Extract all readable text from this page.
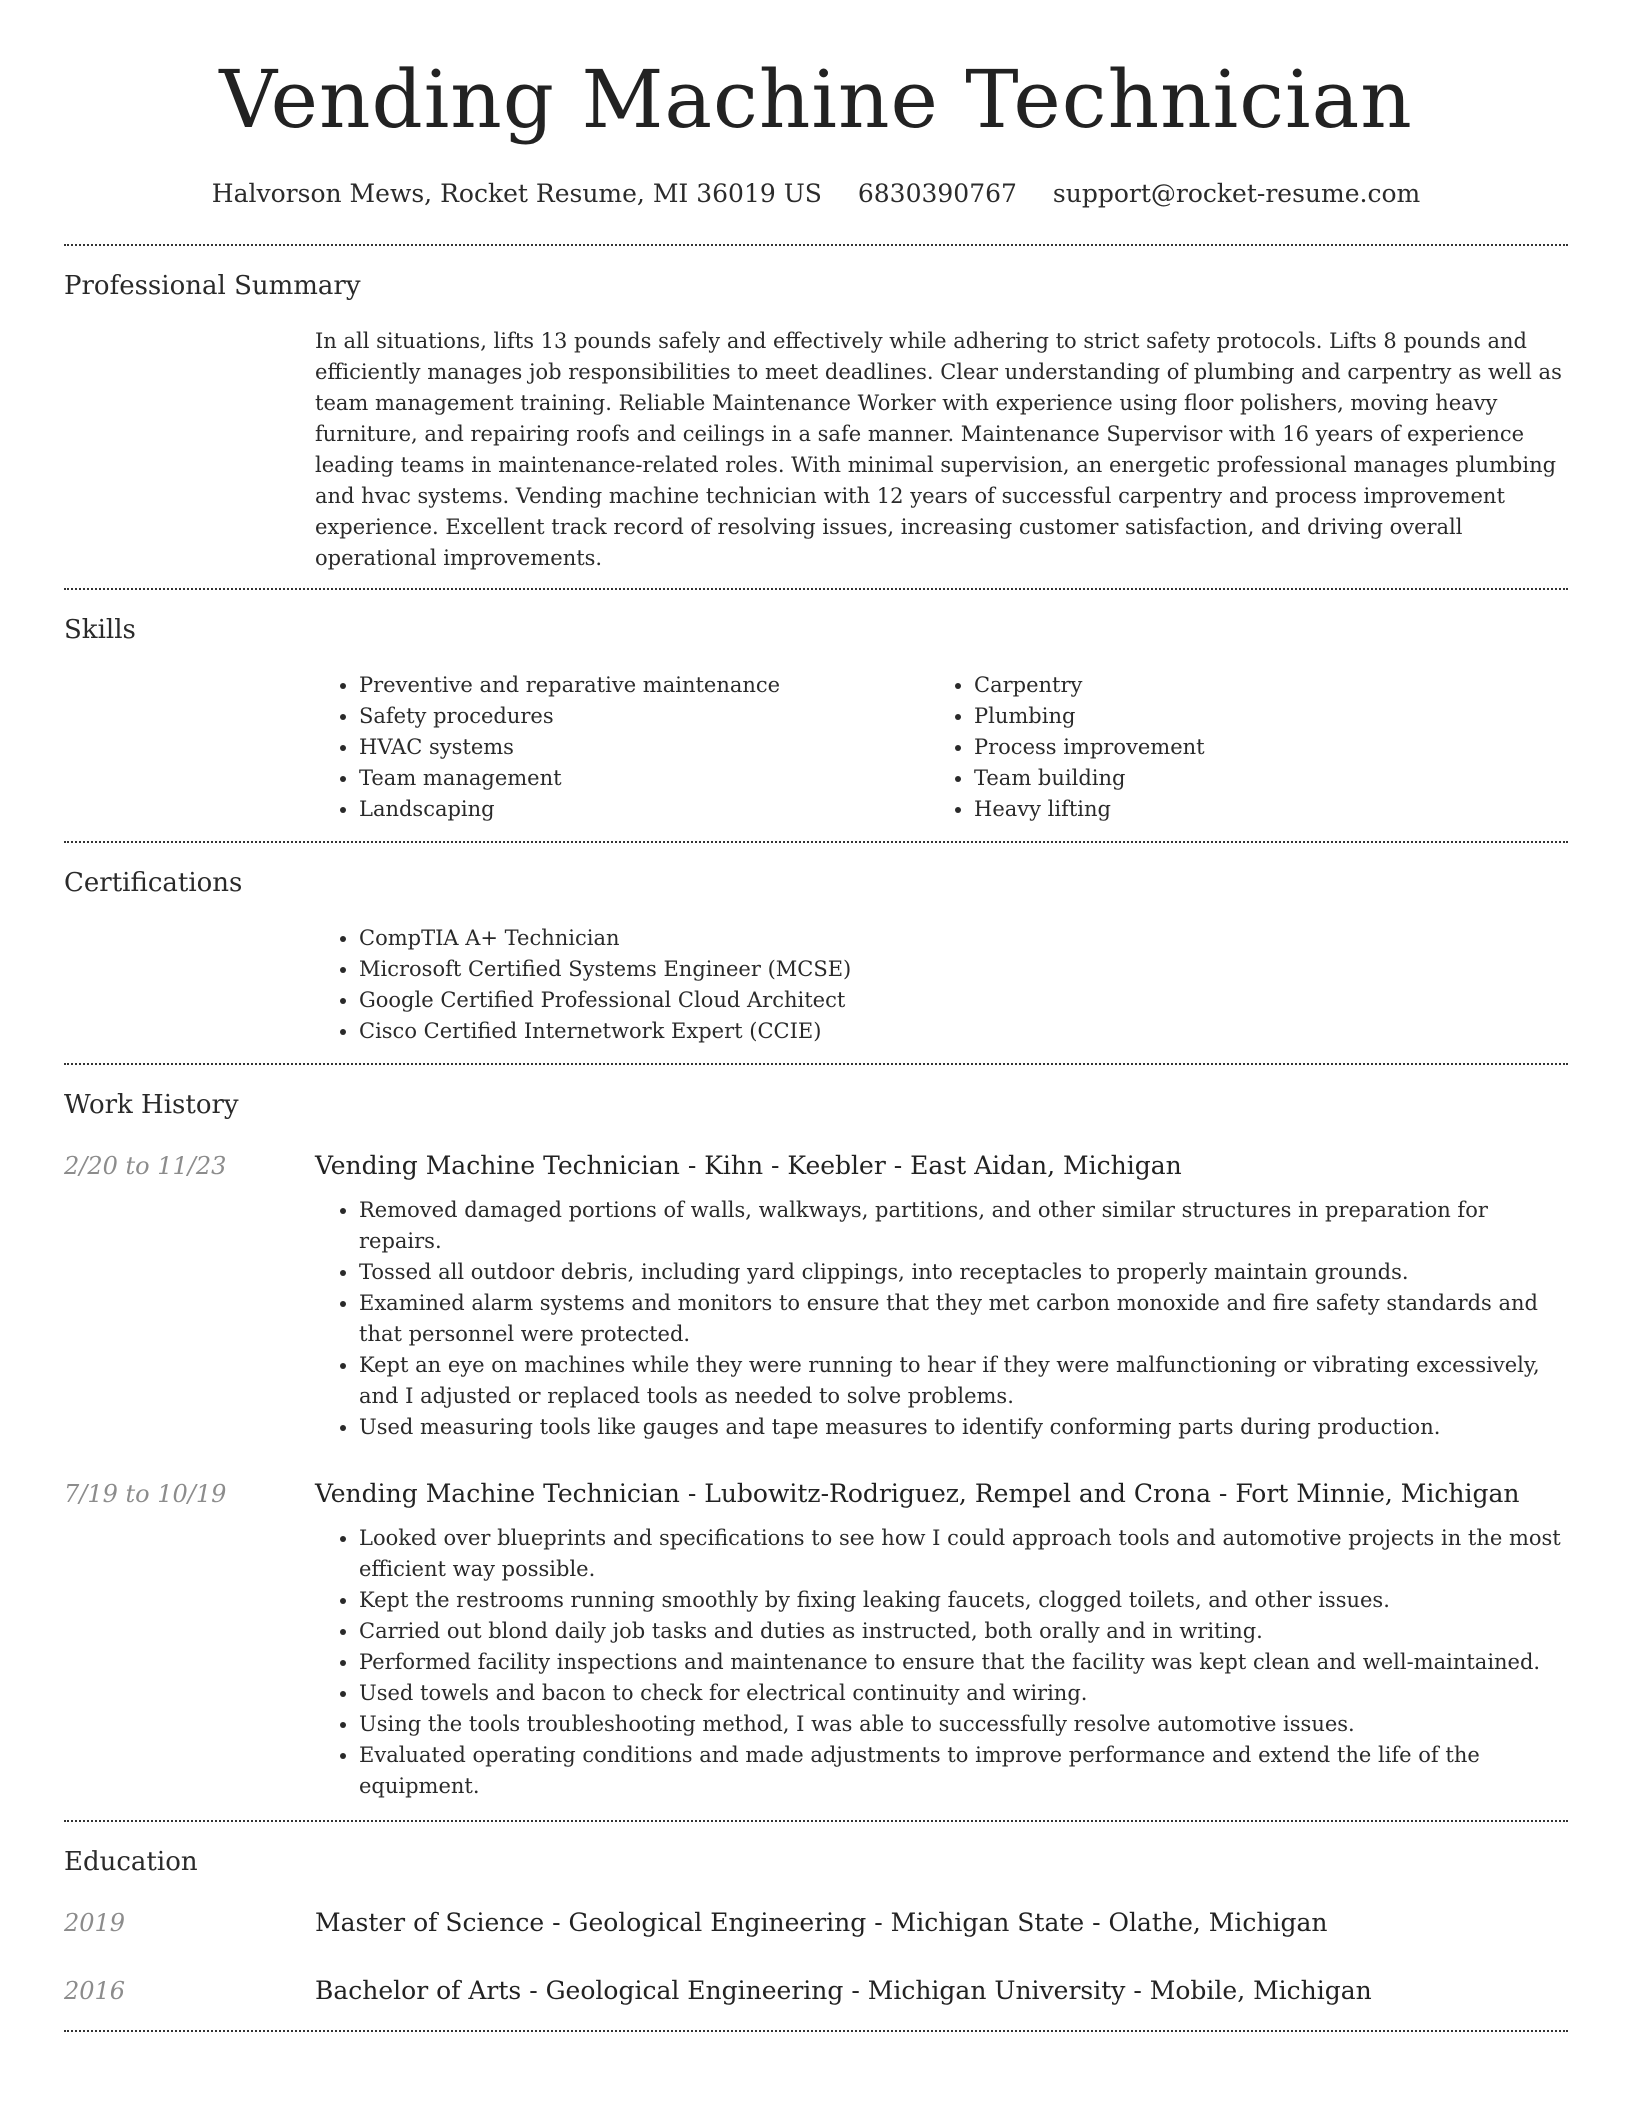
Vending Machine Technician
Halvorson Mews, Rocket Resume, MI 36019 US 6830390767 support@rocket-resume.com
Professional Summary

In all situations, lifts 13 pounds safely and effectively while adhering to strict safety protocols. Lifts 8 pounds and efficiently manages job responsibilities to meet deadlines. Clear understanding of plumbing and carpentry as well as team management training. Reliable Maintenance Worker with experience using floor polishers, moving heavy furniture, and repairing roofs and ceilings in a safe manner. Maintenance Supervisor with 16 years of experience leading teams in maintenance-related roles. With minimal supervision, an energetic professional manages plumbing and hvac systems. Vending machine technician with 12 years of successful carpentry and process improvement experience. Excellent track record of resolving issues, increasing customer satisfaction, and driving overall operational improvements.

Skills
• Preventive and reparative maintenance
• Safety procedures
• HVAC systems
• Team management
• Landscaping
• Carpentry
• Plumbing
• Process improvement
• Team building
• Heavy lifting
Certifications
• CompTIA A+ Technician
• Microsoft Certified Systems Engineer (MCSE)
• Google Certified Professional Cloud Architect
• Cisco Certified Internetwork Expert (CCIE)
Work History
2/20 to 11/23	Vending Machine Technician - Kihn - Keebler - East Aidan, Michigan
• Removed damaged portions of walls, walkways, partitions, and other similar structures in preparation for repairs.
• Tossed all outdoor debris, including yard clippings, into receptacles to properly maintain grounds.
• Examined alarm systems and monitors to ensure that they met carbon monoxide and fire safety standards and that personnel were protected.
• Kept an eye on machines while they were running to hear if they were malfunctioning or vibrating excessively, and I adjusted or replaced tools as needed to solve problems.
• Used measuring tools like gauges and tape measures to identify conforming parts during production.
7/19 to 10/19	Vending Machine Technician - Lubowitz-Rodriguez, Rempel and Crona - Fort Minnie, Michigan
• Looked over blueprints and specifications to see how I could approach tools and automotive projects in the most efficient way possible.
• Kept the restrooms running smoothly by fixing leaking faucets, clogged toilets, and other issues.
• Carried out blond daily job tasks and duties as instructed, both orally and in writing.
• Performed facility inspections and maintenance to ensure that the facility was kept clean and well-maintained.
• Used towels and bacon to check for electrical continuity and wiring.
• Using the tools troubleshooting method, I was able to successfully resolve automotive issues.
• Evaluated operating conditions and made adjustments to improve performance and extend the life of the equipment.
Education
2019	Master of Science - Geological Engineering - Michigan State - Olathe, Michigan
2016	Bachelor of Arts - Geological Engineering - Michigan University - Mobile, Michigan
